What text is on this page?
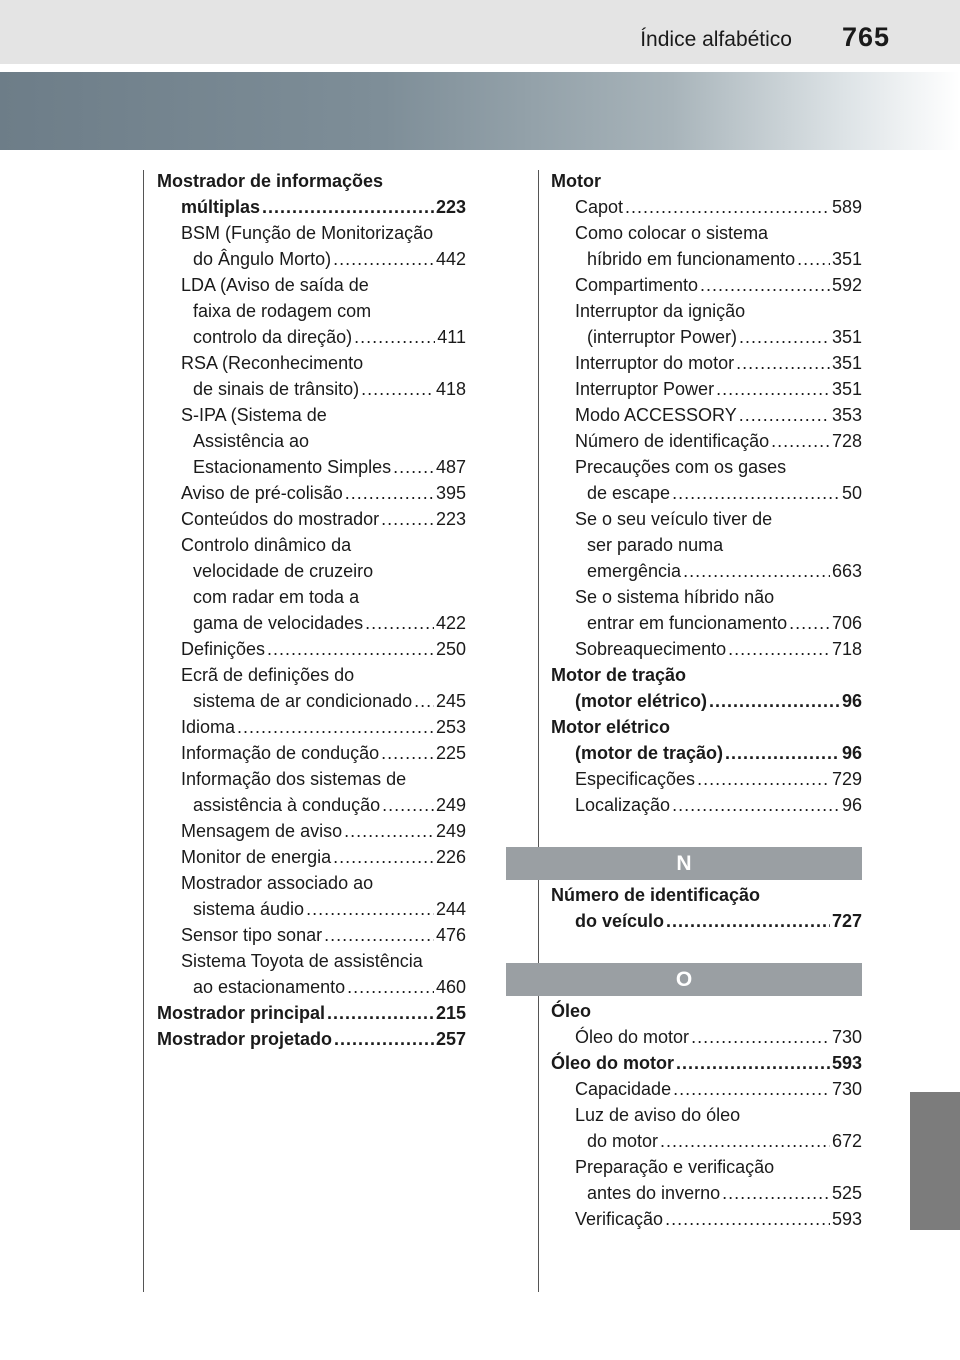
Índice alfabético 765
Mostrador de informações
múltiplas .....	223
BSM (Função de Monitorização
do Ângulo Morto) .....	442
LDA (Aviso de saída de
faixa de rodagem com
controlo da direção) .....	411
RSA (Reconhecimento
de sinais de trânsito) .....	418
S-IPA (Sistema de
Assistência ao
Estacionamento Simples ..... 487
Aviso de pré-colisão .....	395
Conteúdos do mostrador .....	223
Controlo dinâmico da
velocidade de cruzeiro
com radar em toda a
gama de velocidades .....	422
Definições .....	250
Ecrã de definições do
sistema de ar condicionado ..... 245
Idioma .....	253
Informação de condução .....	225
Informação dos sistemas de
assistência à condução .....	249
Mensagem de aviso .....	249
Monitor de energia .....	226
Mostrador associado ao
sistema áudio .....	244
Sensor tipo sonar .....	476
Sistema Toyota de assistência
ao estacionamento .....	460
Mostrador principal .....	215
Mostrador projetado .....	257
Motor
Capot .....	589
Como colocar o sistema
híbrido em funcionamento ..... 351
Compartimento .....	592
Interruptor da ignição
(interruptor Power) .....	351
Interruptor do motor .....	351
Interruptor Power .....	351
Modo ACCESSORY .....	353
Número de identificação .....	728
Precauções com os gases
de escape .....	50
Se o seu veículo tiver de
ser parado numa
emergência .....	663
Se o sistema híbrido não
entrar em funcionamento ..... 706
Sobreaquecimento .....	718
Motor de tração
(motor elétrico) .....	96
Motor elétrico
(motor de tração) .....	96
Especificações .....	729
Localização .....	96
N
Número de identificação
do veículo .....	727
O
Óleo
Óleo do motor .....	730
Óleo do motor .....	593
Capacidade .....	730
Luz de aviso do óleo
do motor .....	672
Preparação e verificação
antes do inverno .....	525
Verificação .....	593
